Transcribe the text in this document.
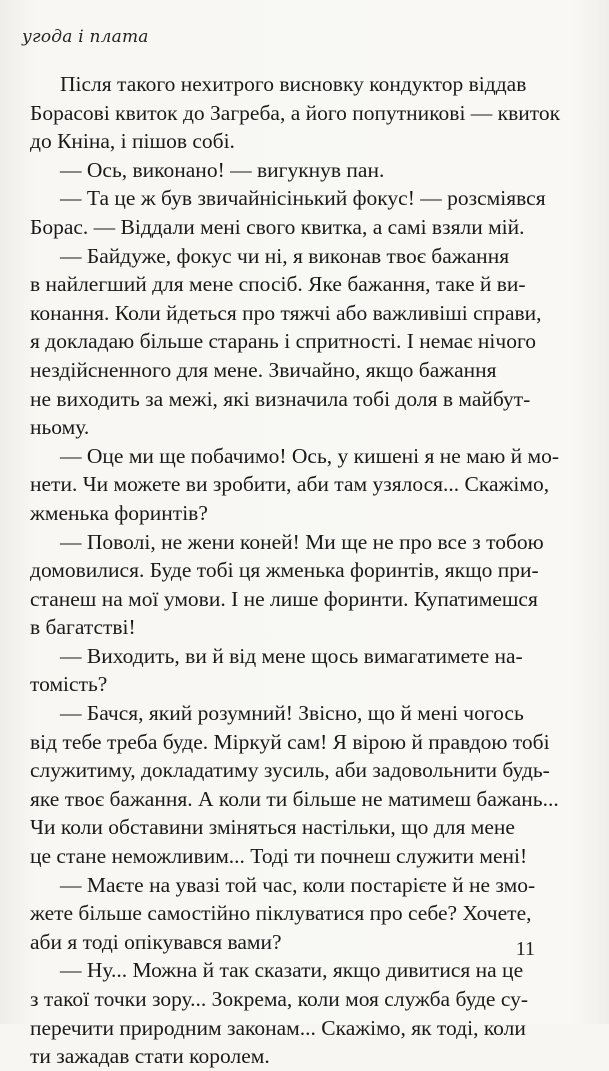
угода і плата
Після такого нехитрого висновку кондуктор віддав
Борасові квиток до Загреба, а його попутникові — квиток
до Кніна, і пішов собі.
— Ось, виконано! — вигукнув пан.
— Та це ж був звичайнісінький фокус! — розсміявся
Борас. — Віддали мені свого квитка, а самі взяли мій.
— Байдуже, фокус чи ні, я виконав твоє бажання
в найлегший для мене спосіб. Яке бажання, таке й ви-
конання. Коли йдеться про тяжчі або важливіші справи,
я докладаю більше старань і спритності. І немає нічого
нездійсненного для мене. Звичайно, якщо бажання
не виходить за межі, які визначила тобі доля в майбут-
ньому.
— Оце ми ще побачимо! Ось, у кишені я не маю й мо-
нети. Чи можете ви зробити, аби там узялося... Скажімо,
жменька форинтів?
— Поволі, не жени коней! Ми ще не про все з тобою
домовилися. Буде тобі ця жменька форинтів, якщо при-
станеш на мої умови. І не лише форинти. Купатимешся
в багатстві!
— Виходить, ви й від мене щось вимагатимете на-
томість?
— Бачся, який розумний! Звісно, що й мені чогось
від тебе треба буде. Міркуй сам! Я вірою й правдою тобі
служитиму, докладатиму зусиль, аби задовольнити будь-
яке твоє бажання. А коли ти більше не матимеш бажань...
Чи коли обставини зміняться настільки, що для мене
це стане неможливим... Тоді ти почнеш служити мені!
— Маєте на увазі той час, коли постарієте й не змо-
жете більше самостійно піклуватися про себе? Хочете,
аби я тоді опікувався вами?
— Ну... Можна й так сказати, якщо дивитися на це
з такої точки зору... Зокрема, коли моя служба буде су-
перечити природним законам... Скажімо, як тоді, коли
ти зажадав стати королем.
11
